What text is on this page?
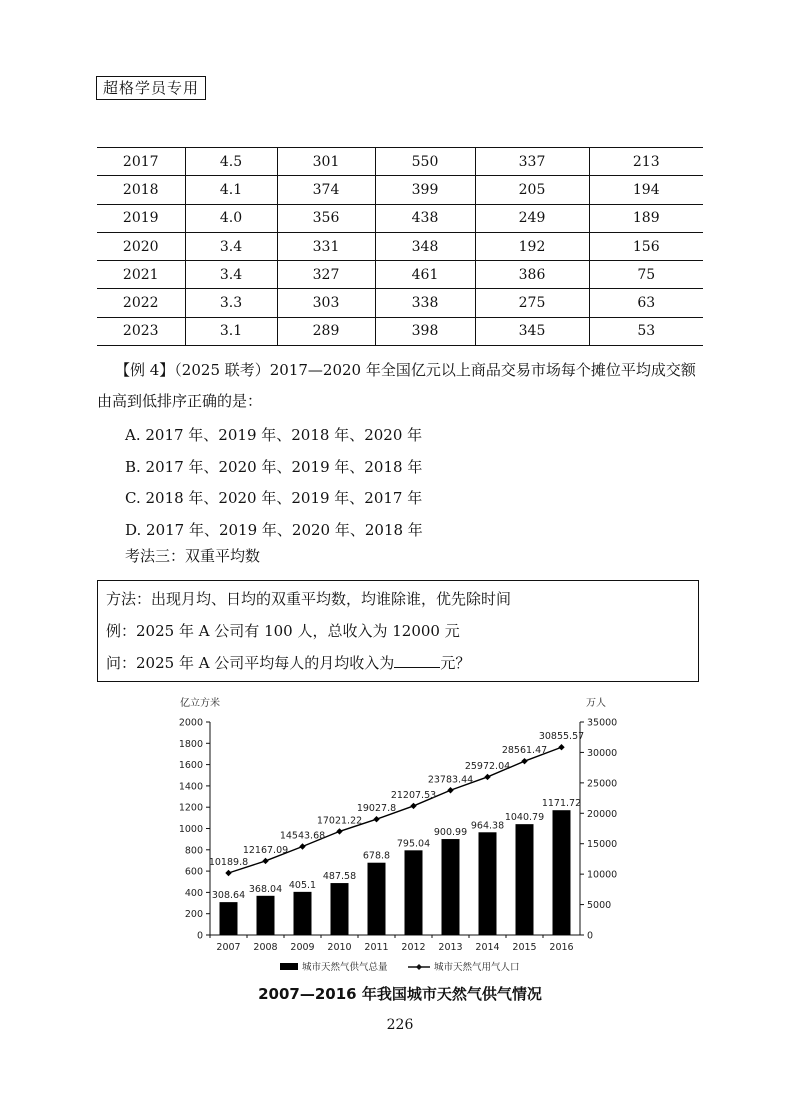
超格学员专用
2017	4.5	301	550	337	213
2018	4.1	374	399	205	194
2019	4.0	356	438	249	189
2020	3.4	331	348	192	156
2021	3.4	327	461	386	75
2022	3.3	303	338	275	63
2023	3.1	289	398	345	53
【例 4】（2025 联考）2017—2020 年全国亿元以上商品交易市场每个摊位平均成交额由高到低排序正确的是：
A. 2017 年、2019 年、2018 年、2020 年
B. 2017 年、2020 年、2019 年、2018 年
C. 2018 年、2020 年、2019 年、2017 年
D. 2017 年、2019 年、2020 年、2018 年
考法三：双重平均数
方法：出现月均、日均的双重平均数，均谁除谁，优先除时间
例：2025 年 A 公司有 100 人，总收入为 12000 元
问：2025 年 A 公司平均每人的月均收入为	元？
0
200
400
600
800
1000
1200
1400
1600
1800
2000
0
5000
10000
15000
20000
25000
30000
35000
亿立方米	万人
308.64
2007
368.04
2008
405.1
2009
487.58
2010
678.8
2011
795.04
2012
900.99
2013
964.38
2014
1040.79
2015
1171.72
2016
10189.8
12167.09
14543.68
17021.22
19027.8
21207.53
23783.44
25972.04
28561.47
30855.57
城市天然气供气总量	城市天然气用气人口
2007—2016 年我国城市天然气供气情况
226
